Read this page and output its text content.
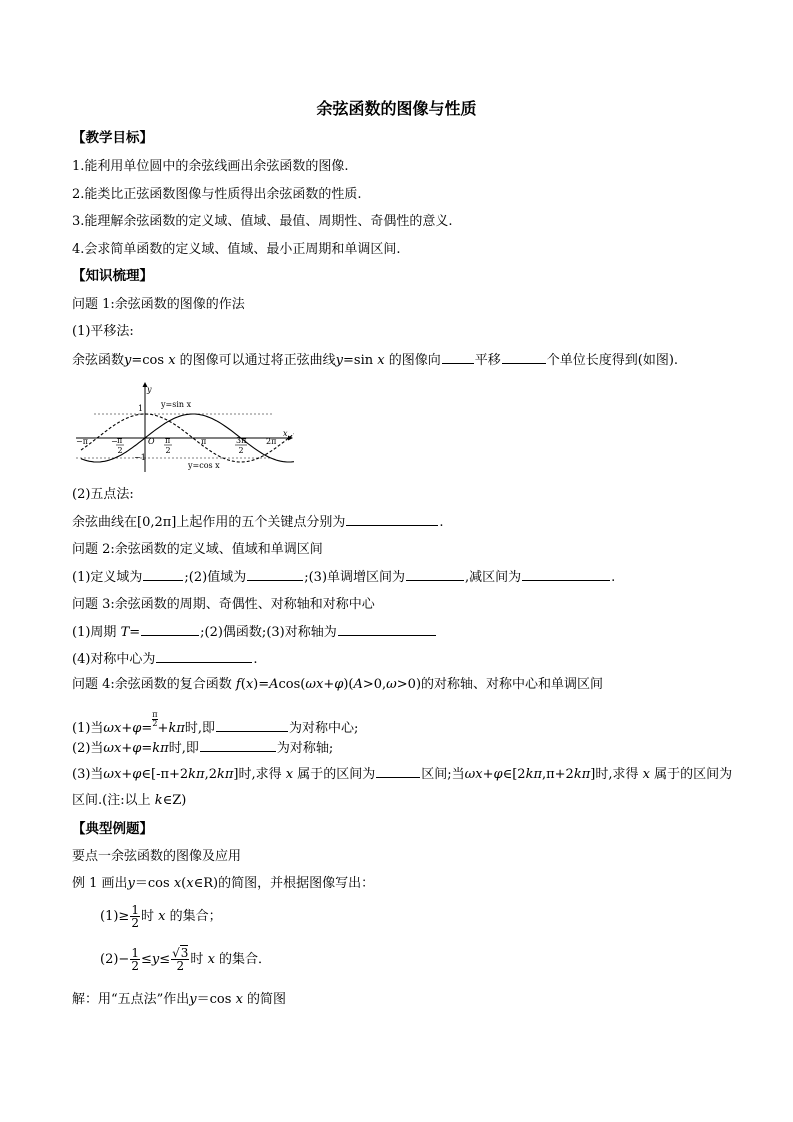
余弦函数的图像与性质
【教学目标】
1.能利用单位圆中的余弦线画出余弦函数的图像.
2.能类比正弦函数图像与性质得出余弦函数的性质.
3.能理解余弦函数的定义域、值域、最值、周期性、奇偶性的意义.
4.会求简单函数的定义域、值域、最小正周期和单调区间.
【知识梳理】
问题 1:余弦函数的图像的作法
(1)平移法:
余弦函数y=cos x 的图像可以通过将正弦曲线y=sin x 的图像向	平移	个单位长度得到(如图).
y
x
y=sin x
y=cos x
O
1
−1
−π	− π
2
π
2
π	3π
2
2π
(2)五点法:
余弦曲线在[0,2π]上起作用的五个关键点分别为	.
问题 2:余弦函数的定义域、值域和单调区间
(1)定义域为	;(2)值域为	;(3)单调增区间为	,减区间为	.
问题 3:余弦函数的周期、奇偶性、对称轴和对称中心
(1)周期 T=	;(2)偶函数;(3)对称轴为
(4)对称中心为	.
问题 4:余弦函数的复合函数 f(x)=Acos(ωx+φ)(A>0,ω>0)的对称轴、对称中心和单调区间
(1)当ωx+φ=
$\frac{\pi}{2}+k\pi$时,即	为对称中心;
(2)当ωx+φ=kπ时,即	为对称轴;
(3)当ωx+φ∈[-π+2kπ,2kπ]时,求得 x 属于的区间为	区间;当ωx+φ∈[2kπ,π+2kπ]时,求得 x 属于的区间为
区间.(注:以上 k∈Z)
【典型例题】
要点一余弦函数的图像及应用
例 1 画出y＝cos x(x∈R)的简图，并根据图像写出：
$(1)\ge \frac{1}{2}$ 时 x 的集合；
$(2)- \frac{1}{2} \le y\le \frac{√3}{2}$ 时 x 的集合．
解：用“五点法”作出y＝cos x 的简图
